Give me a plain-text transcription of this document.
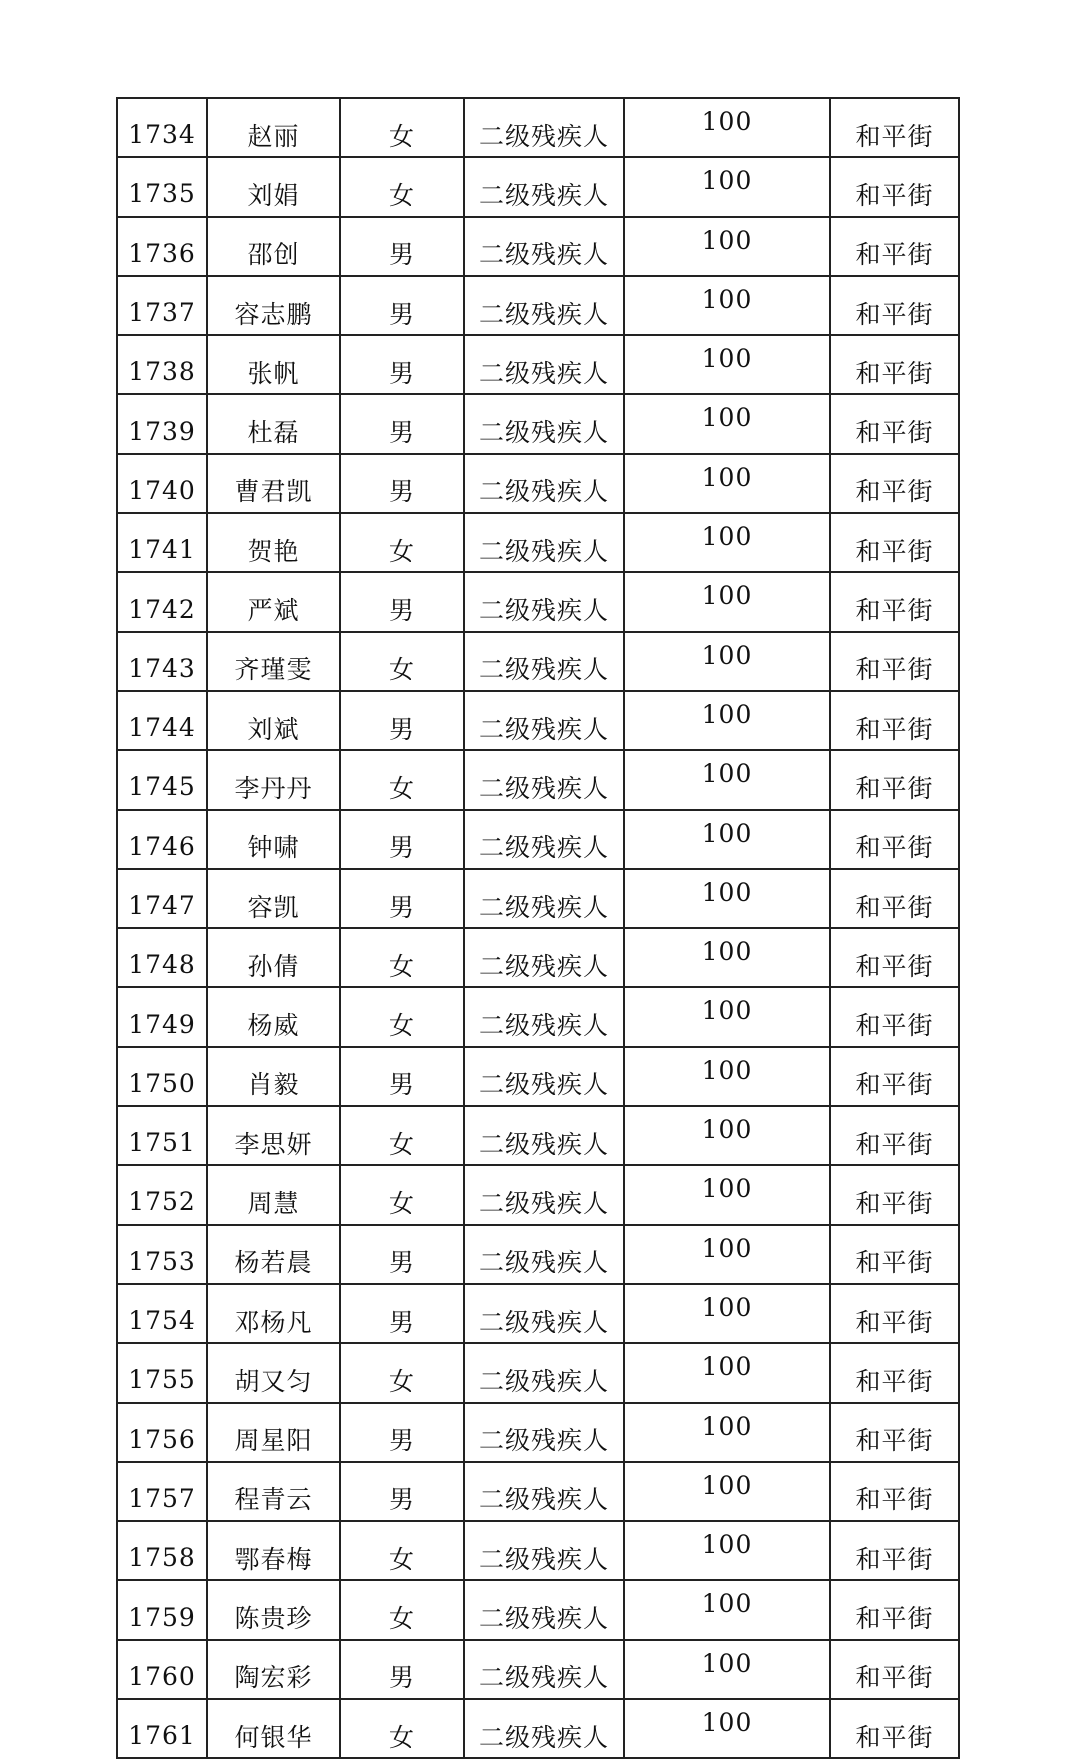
1734	赵丽	女	二级残疾人	100	和平街
1735	刘娟	女	二级残疾人	100	和平街
1736	邵创	男	二级残疾人	100	和平街
1737	容志鹏	男	二级残疾人	100	和平街
1738	张帆	男	二级残疾人	100	和平街
1739	杜磊	男	二级残疾人	100	和平街
1740	曹君凯	男	二级残疾人	100	和平街
1741	贺艳	女	二级残疾人	100	和平街
1742	严斌	男	二级残疾人	100	和平街
1743	齐瑾雯	女	二级残疾人	100	和平街
1744	刘斌	男	二级残疾人	100	和平街
1745	李丹丹	女	二级残疾人	100	和平街
1746	钟啸	男	二级残疾人	100	和平街
1747	容凯	男	二级残疾人	100	和平街
1748	孙倩	女	二级残疾人	100	和平街
1749	杨威	女	二级残疾人	100	和平街
1750	肖毅	男	二级残疾人	100	和平街
1751	李思妍	女	二级残疾人	100	和平街
1752	周慧	女	二级残疾人	100	和平街
1753	杨若晨	男	二级残疾人	100	和平街
1754	邓杨凡	男	二级残疾人	100	和平街
1755	胡又匀	女	二级残疾人	100	和平街
1756	周星阳	男	二级残疾人	100	和平街
1757	程青云	男	二级残疾人	100	和平街
1758	鄂春梅	女	二级残疾人	100	和平街
1759	陈贵珍	女	二级残疾人	100	和平街
1760	陶宏彩	男	二级残疾人	100	和平街
1761	何银华	女	二级残疾人	100	和平街
